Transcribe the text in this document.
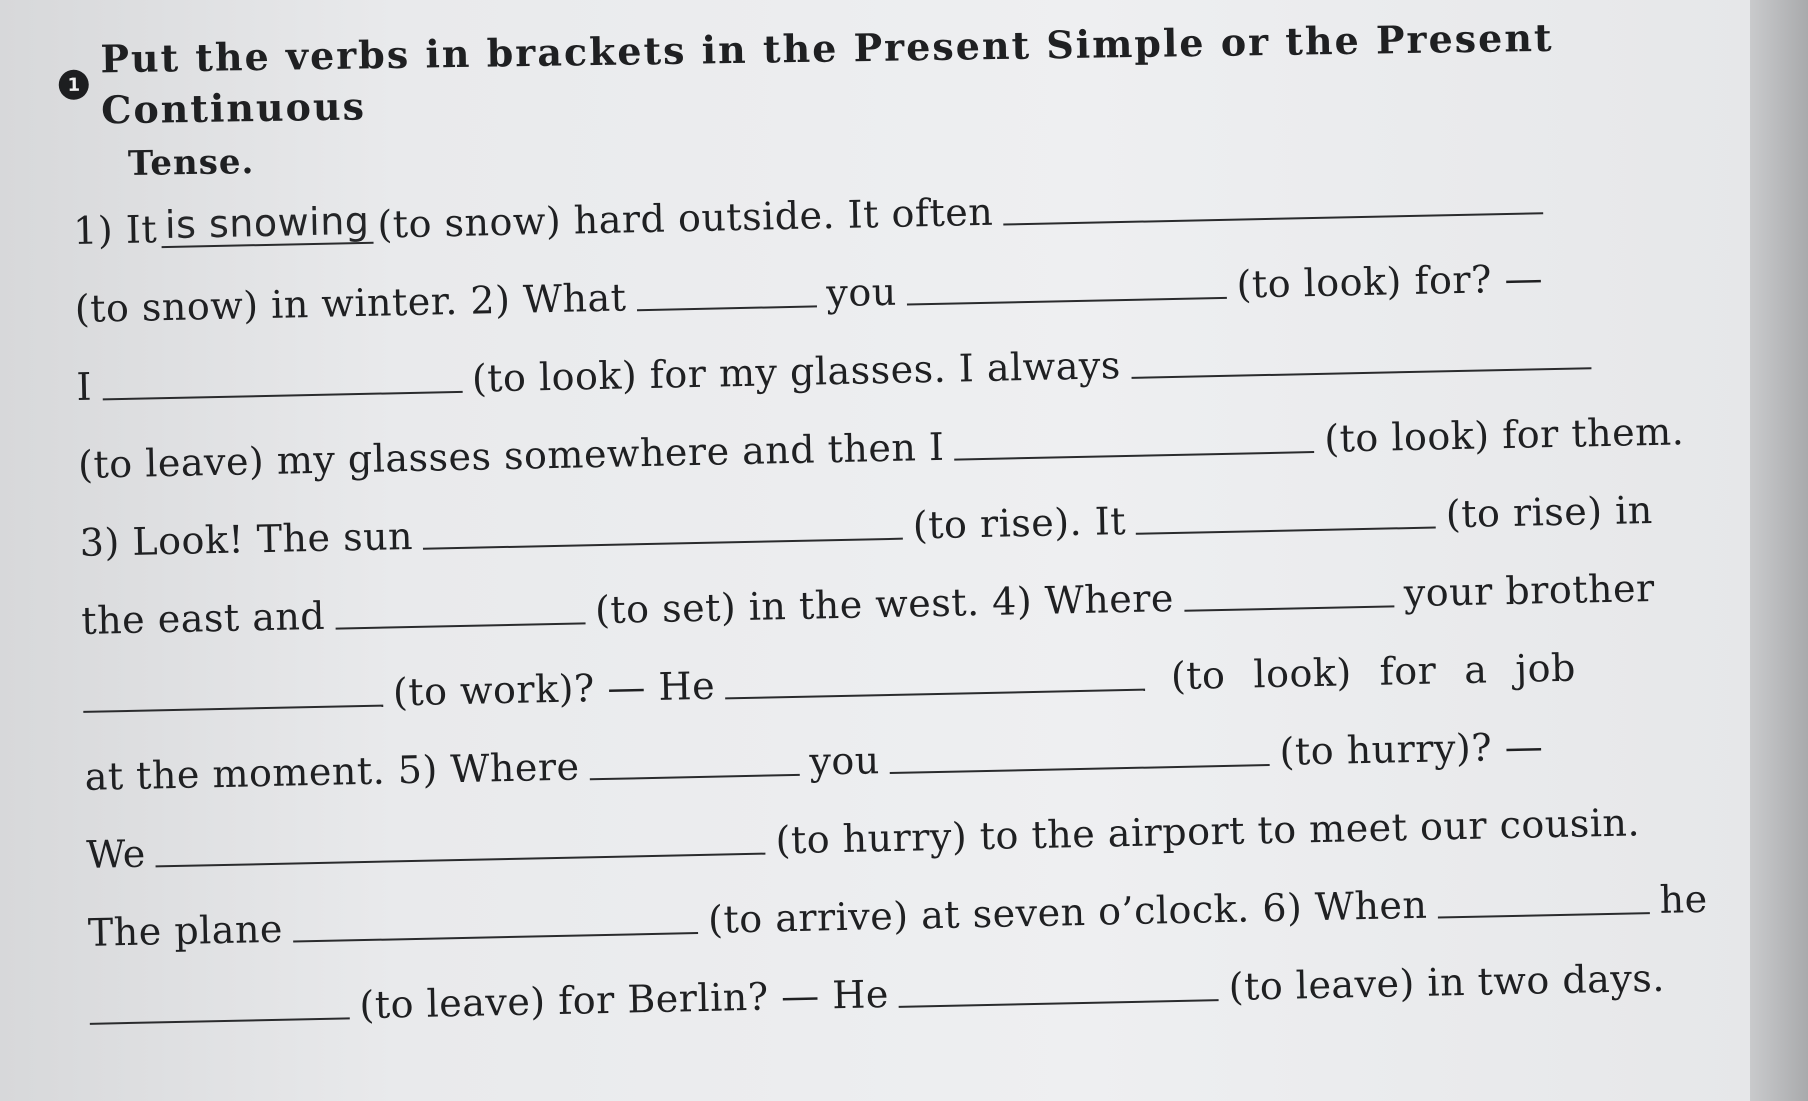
1
Put the verbs in brackets in the Present Simple or the Present Continuous
Tense.
1) It is snowing (to snow) hard outside. It often
(to snow) in winter. 2) What	you	(to look) for? —
I	(to look) for my glasses. I always
(to leave) my glasses somewhere and then I	(to look) for them.
3) Look! The sun	(to rise). It	(to rise) in
the east and	(to set) in the west. 4) Where	your brother
(to work)? — He	(to look) for a job
at the moment. 5) Where	you	(to hurry)? —
We	(to hurry) to the airport to meet our cousin.
The plane	(to arrive) at seven o’clock. 6) When	he
(to leave) for Berlin? — He	(to leave) in two days.
